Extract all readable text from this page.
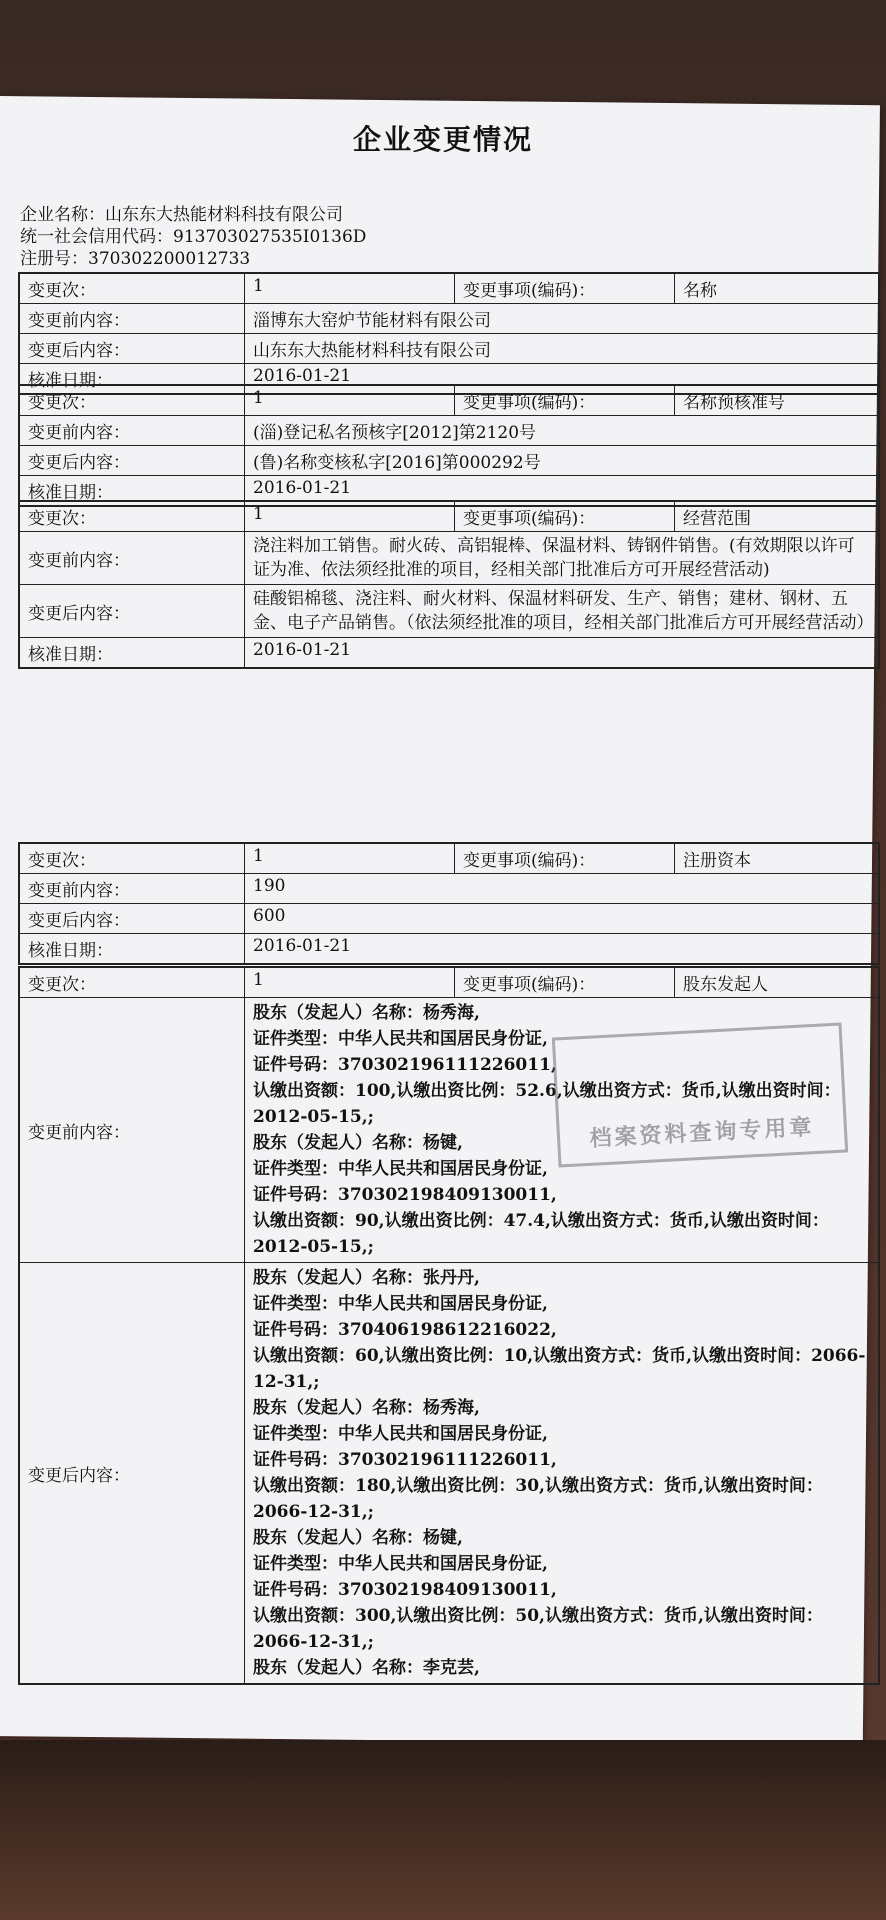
企业变更情况
企业名称：山东东大热能材料科技有限公司
统一社会信用代码：913703027535I0136D
注册号：370302200012733
变更次：	1	变更事项(编码)：	名称
变更前内容：	淄博东大窑炉节能材料有限公司
变更后内容：	山东东大热能材料科技有限公司
核准日期：	2016-01-21
变更次：	1	变更事项(编码)：	名称预核准号
变更前内容：	(淄)登记私名预核字[2012]第2120号
变更后内容：	(鲁)名称变核私字[2016]第000292号
核准日期：	2016-01-21
变更次：	1	变更事项(编码)：	经营范围
变更前内容：
浇注料加工销售。耐火砖、高铝辊棒、保温材料、铸钢件销售。(有效期限以许可证为准、依法须经批准的项目，经相关部门批准后方可开展经营活动)
变更后内容：
硅酸铝棉毯、浇注料、耐火材料、保温材料研发、生产、销售；建材、钢材、五金、电子产品销售。（依法须经批准的项目，经相关部门批准后方可开展经营活动）
核准日期：	2016-01-21
变更次：	1	变更事项(编码)：	注册资本
变更前内容：	190
变更后内容：	600
核准日期：	2016-01-21
变更次：	1	变更事项(编码)：	股东发起人
变更前内容：
股东（发起人）名称：杨秀海,
证件类型：中华人民共和国居民身份证,
证件号码：370302196111226011,
认缴出资额：100,认缴出资比例：52.6,认缴出资方式：货币,认缴出资时间：2012-05-15,;
股东（发起人）名称：杨键,
证件类型：中华人民共和国居民身份证,
证件号码：370302198409130011,
认缴出资额：90,认缴出资比例：47.4,认缴出资方式：货币,认缴出资时间：2012-05-15,;
变更后内容：
股东（发起人）名称：张丹丹,
证件类型：中华人民共和国居民身份证,
证件号码：370406198612216022,
认缴出资额：60,认缴出资比例：10,认缴出资方式：货币,认缴出资时间：2066-12-31,;
股东（发起人）名称：杨秀海,
证件类型：中华人民共和国居民身份证,
证件号码：370302196111226011,
认缴出资额：180,认缴出资比例：30,认缴出资方式：货币,认缴出资时间：2066-12-31,;
股东（发起人）名称：杨键,
证件类型：中华人民共和国居民身份证,
证件号码：370302198409130011,
认缴出资额：300,认缴出资比例：50,认缴出资方式：货币,认缴出资时间：2066-12-31,;
股东（发起人）名称：李克芸,
档案资料查询专用章
